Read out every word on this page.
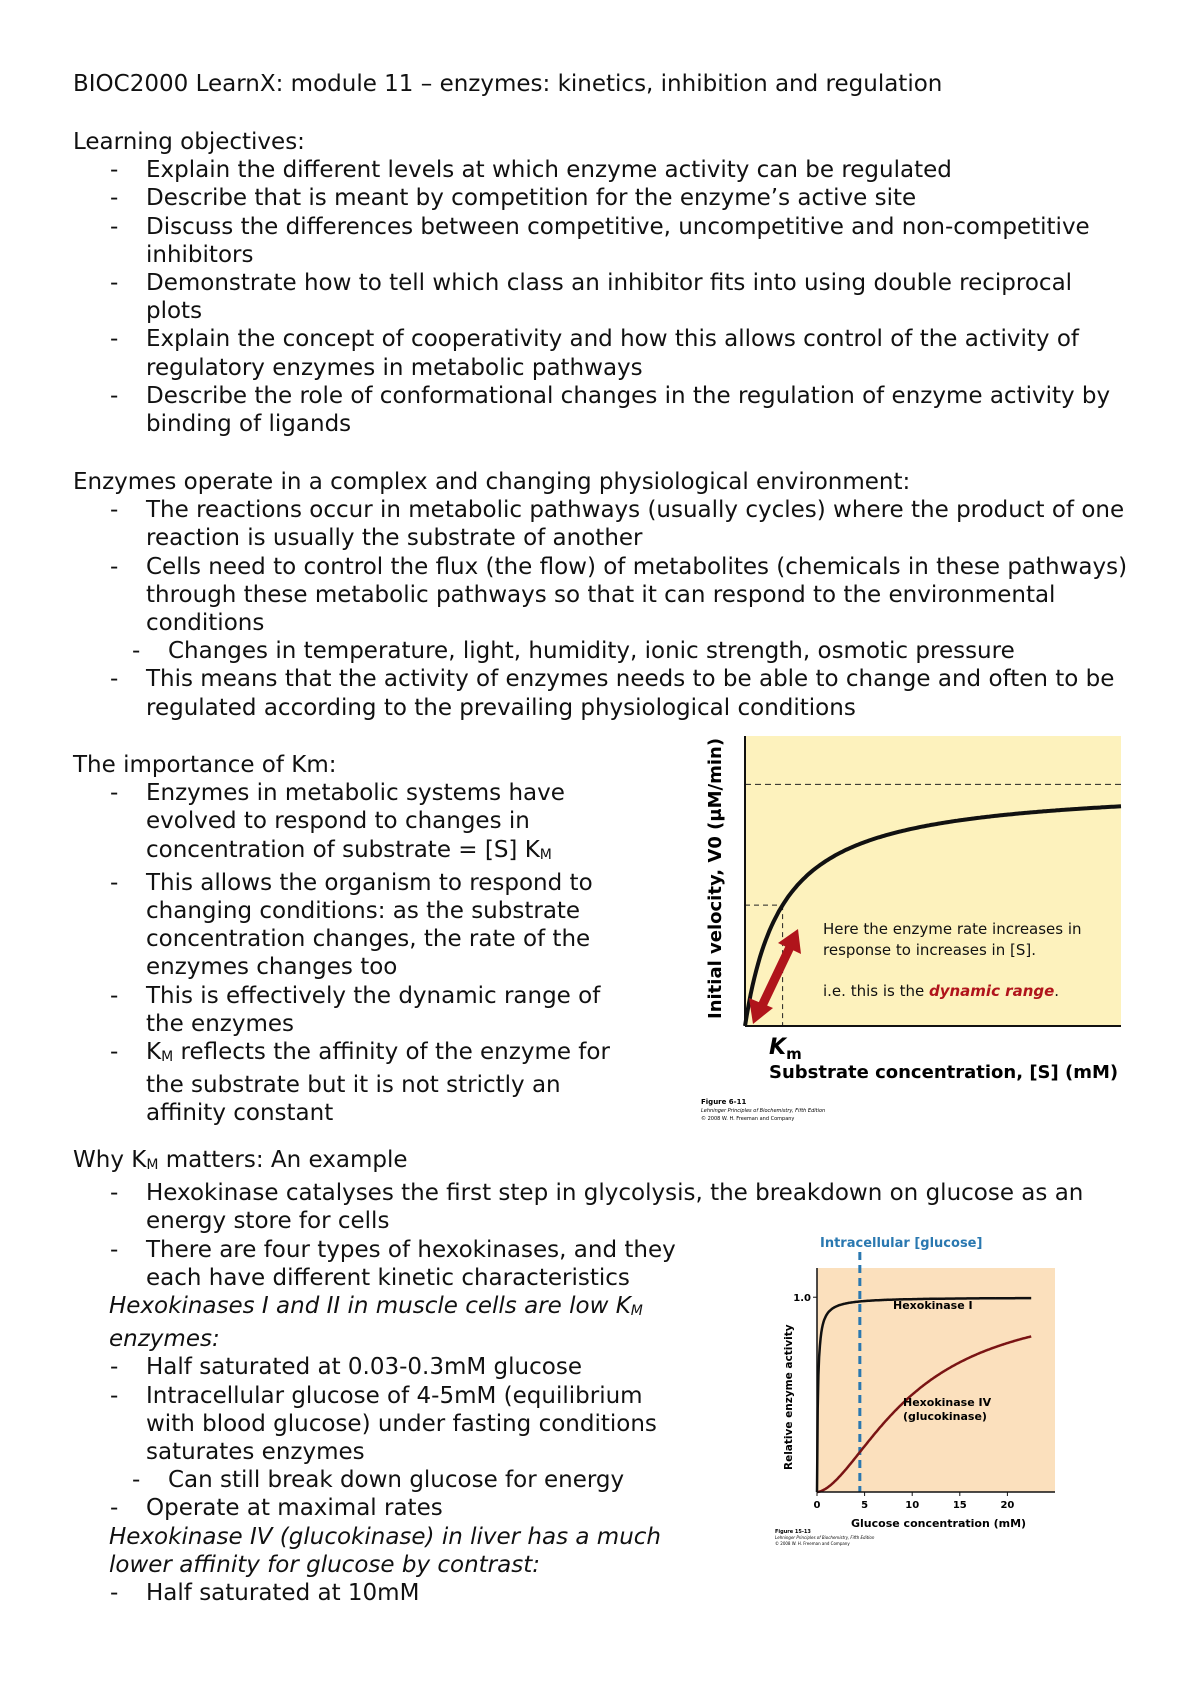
BIOC2000 LearnX: module 11 – enzymes: kinetics, inhibition and regulation

Learning objectives:

- Explain the different levels at which enzyme activity can be regulated
- Describe that is meant by competition for the enzyme’s active site
- Discuss the differences between competitive, uncompetitive and non-competitive inhibitors
- Demonstrate how to tell which class an inhibitor fits into using double reciprocal plots
- Explain the concept of cooperativity and how this allows control of the activity of regulatory enzymes in metabolic pathways
- Describe the role of conformational changes in the regulation of enzyme activity by binding of ligands

Enzymes operate in a complex and changing physiological environment:

- The reactions occur in metabolic pathways (usually cycles) where the product of one reaction is usually the substrate of another
- Cells need to control the flux (the flow) of metabolites (chemicals in these pathways) through these metabolic pathways so that it can respond to the environmental conditions
- Changes in temperature, light, humidity, ionic strength, osmotic pressure
- This means that the activity of enzymes needs to be able to change and often to be regulated according to the prevailing physiological conditions

The importance of Km:

- Enzymes in metabolic systems have evolved to respond to changes in concentration of substrate = [S] $K_M$
- This allows the organism to respond to changing conditions: as the substrate concentration changes, the rate of the enzymes changes too
- This is effectively the dynamic range of the enzymes
- $K_M$ reflects the affinity of the enzyme for the substrate but it is not strictly an affinity constant

Why $K_M$ matters: An example

- Hexokinase catalyses the first step in glycolysis, the breakdown on glucose as an energy store for cells
- There are four types of hexokinases, and they each have different kinetic characteristics

Hexokinases I and II in muscle cells are low $K_M$ enzymes:

- Half saturated at 0.03-0.3mM glucose
- Intracellular glucose of 4-5mM (equilibrium with blood glucose) under fasting conditions saturates enzymes
- Can still break down glucose for energy
- Operate at maximal rates

Hexokinase IV (glucokinase) in liver has a much lower affinity for glucose by contrast:

- Half saturated at 10mM
Here the enzyme rate increases in response to increases in [S].
i.e. this is the dynamic range.
$K_m$
Substrate concentration, [S] (mM)
Initial velocity, V0 (μM/min)
Figure 6-11
Lehninger Principles of Biochemistry, Fifth Edition
© 2008 W. H. Freeman and Company
Intracellular [glucose]
0	5	10	15	20
1.0
Hexokinase I
Hexokinase IV
(glucokinase)
Glucose concentration (mM)
Relative enzyme activity
Figure 15-13
Lehninger Principles of Biochemistry, Fifth Edition
© 2008 W. H. Freeman and Company
